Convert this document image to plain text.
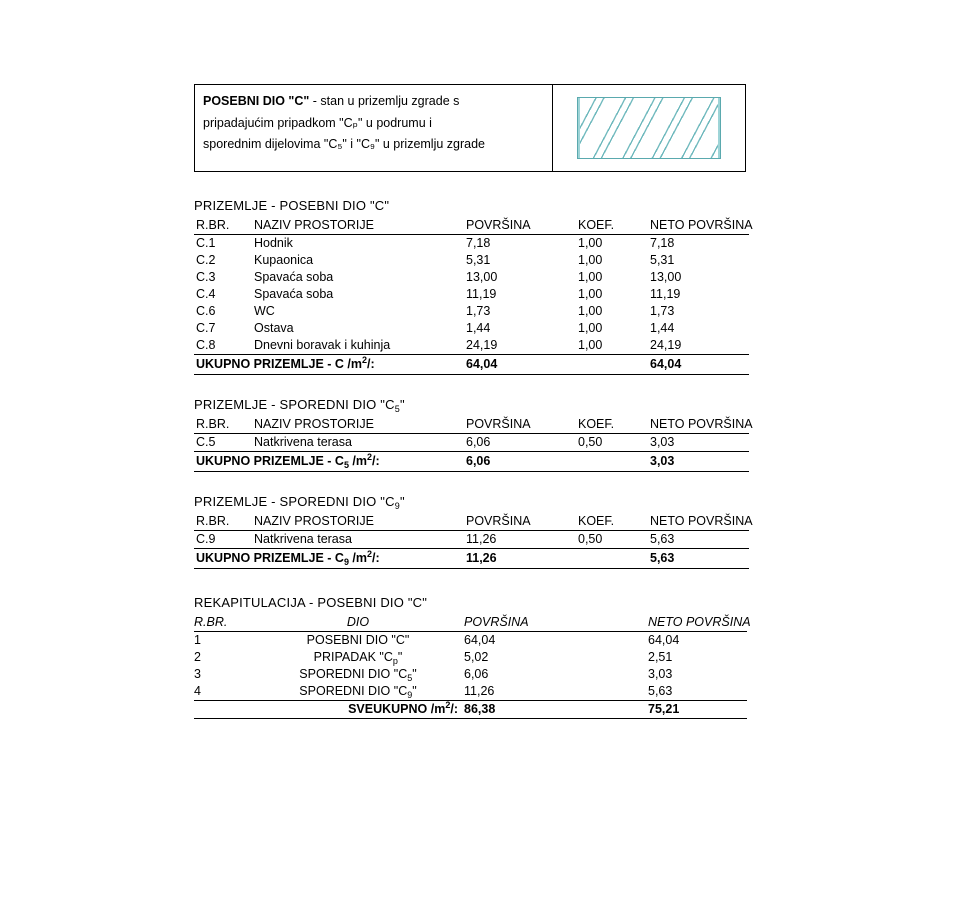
POSEBNI DIO "C" - stan u prizemlju zgrade s
pripadajućim pripadkom "Cₚ" u podrumu i
sporednim dijelovima "C₅" i "C₉" u prizemlju zgrade
PRIZEMLJE - POSEBNI DIO "C"
R.BR.	NAZIV PROSTORIJE	POVRŠINA	KOEF.	NETO POVRŠINA
C.1	Hodnik	7,18	1,00	7,18
C.2	Kupaonica	5,31	1,00	5,31
C.3	Spavaća soba	13,00	1,00	13,00
C.4	Spavaća soba	11,19	1,00	11,19
C.6	WC	1,73	1,00	1,73
C.7	Ostava	1,44	1,00	1,44
C.8	Dnevni boravak i kuhinja	24,19	1,00	24,19
UKUPNO PRIZEMLJE - C $/m^2/$:		64,04		64,04
PRIZEMLJE - SPOREDNI DIO "$C_5$"
R.BR.	NAZIV PROSTORIJE	POVRŠINA	KOEF.	NETO POVRŠINA
C.5	Natkrivena terasa	6,06	0,50	3,03
UKUPNO PRIZEMLJE - $C_5$ $/m^2/$:		6,06		3,03
PRIZEMLJE - SPOREDNI DIO "$C_9$"
R.BR.	NAZIV PROSTORIJE	POVRŠINA	KOEF.	NETO POVRŠINA
C.9	Natkrivena terasa	11,26	0,50	5,63
UKUPNO PRIZEMLJE - $C_9$ $/m^2/$:		11,26		5,63
REKAPITULACIJA - POSEBNI DIO "C"
R.BR.	DIO	POVRŠINA		NETO POVRŠINA
1	POSEBNI DIO "C"	64,04		64,04
2	PRIPADAK "$C_p$"	5,02		2,51
3	SPOREDNI DIO "$C_5$"	6,06		3,03
4	SPOREDNI DIO "$C_9$"	11,26		5,63
	SVEUKUPNO $/m^2/$:	86,38		75,21
